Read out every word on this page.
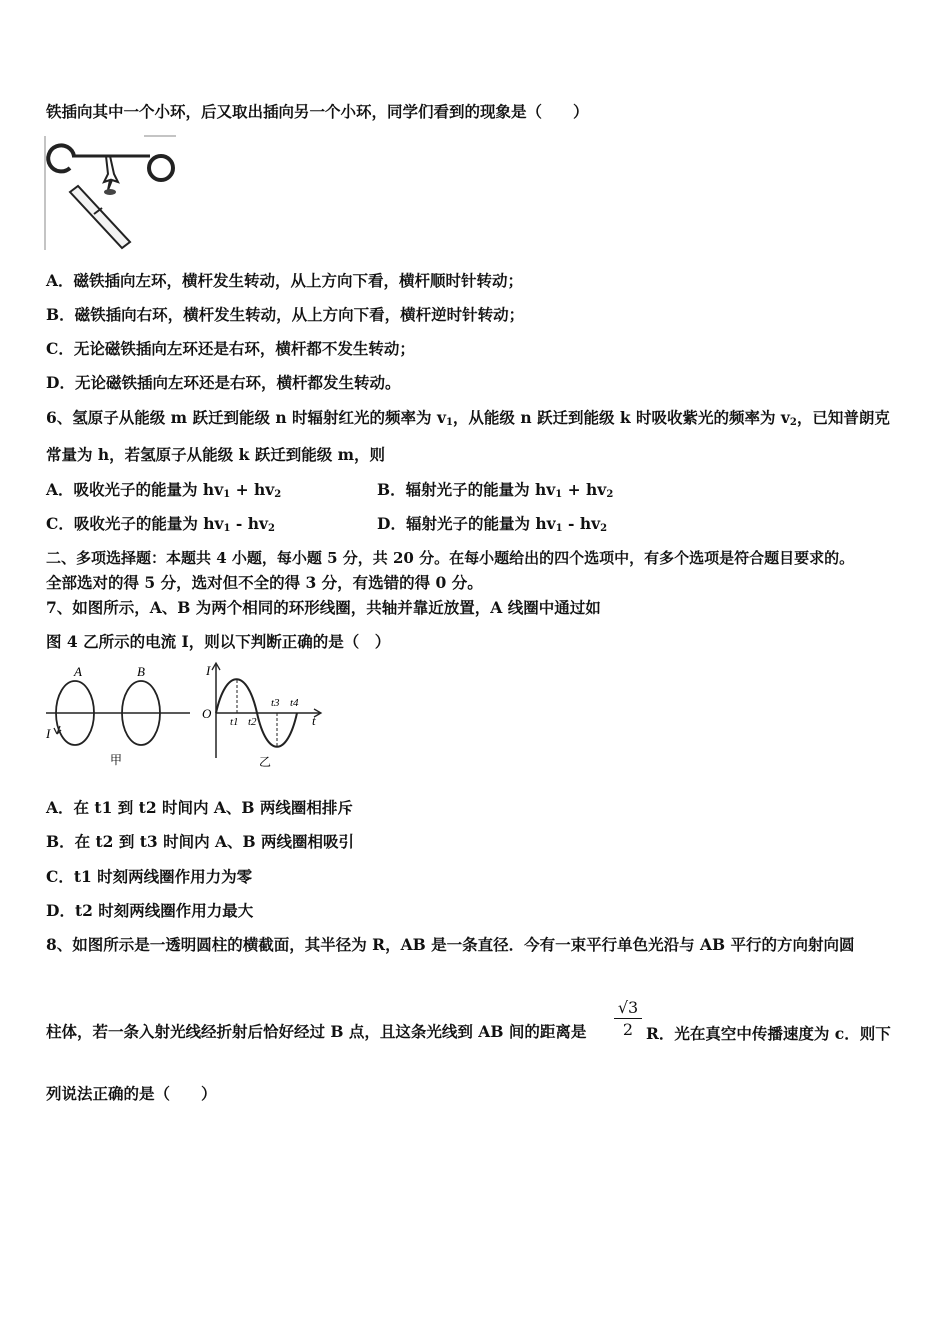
铁插向其中一个小环，后又取出插向另一个小环，同学们看到的现象是（　　）
A．磁铁插向左环，横杆发生转动，从上方向下看，横杆顺时针转动；
B．磁铁插向右环，横杆发生转动，从上方向下看，横杆逆时针转动；
C．无论磁铁插向左环还是右环，横杆都不发生转动；
D．无论磁铁插向左环还是右环，横杆都发生转动。
6、氢原子从能级 m 跃迁到能级 n 时辐射红光的频率为 $v_1$，从能级 n 跃迁到能级 k 时吸收紫光的频率为 $v_2$，已知普朗克
常量为 h，若氢原子从能级 k 跃迁到能级 m，则
A．吸收光子的能量为 $hv_1 + hv_2$	B．辐射光子的能量为 $hv_1 + hv_2$
C．吸收光子的能量为 $hv_1 - hv_2$	D．辐射光子的能量为 $hv_1 - hv_2$
二、多项选择题：本题共 4 小题，每小题 5 分，共 20 分。在每小题给出的四个选项中，有多个选项是符合题目要求的。
全部选对的得 5 分，选对但不全的得 3 分，有选错的得 0 分。
7、如图所示，A、B 为两个相同的环形线圈，共轴并靠近放置，A 线圈中通过如
图 4 乙所示的电流 I，则以下判断正确的是（　）
A	B
I
甲
I
O
t1 t2
t3 t4
t
乙
A．在 t1 到 t2 时间内 A、B 两线圈相排斥
B．在 t2 到 t3 时间内 A、B 两线圈相吸引
C．t1 时刻两线圈作用力为零
D．t2 时刻两线圈作用力最大
8、如图所示是一透明圆柱的横截面，其半径为 R，AB 是一条直径．今有一束平行单色光沿与 AB 平行的方向射向圆
柱体，若一条入射光线经折射后恰好经过 B 点，且这条光线到 AB 间的距离是 $\frac{√3}{2}$ R．光在真空中传播速度为 c．则下
列说法正确的是（　　）
